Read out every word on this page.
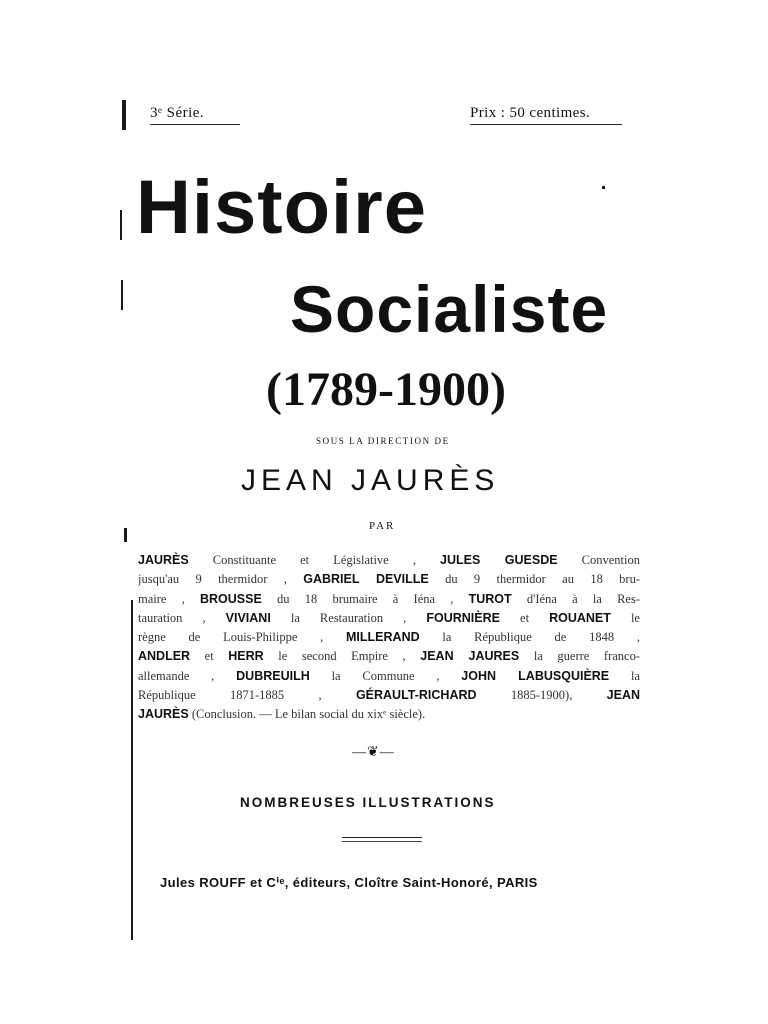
3ᵉ Série.	Prix : 50 centimes.
Histoire
Socialiste
(1789-1900)
SOUS LA DIRECTION DE
JEAN JAURÈS
PAR
JAURÈS Constituante et Législative , JULES GUESDE Convention
jusqu'au 9 thermidor , GABRIEL DEVILLE du 9 thermidor au 18 bru-
maire , BROUSSE du 18 brumaire à Iéna , TUROT d'Iéna à la Res-
tauration , VIVIANI la Restauration , FOURNIÈRE et ROUANET le
règne de Louis-Philippe , MILLERAND la République de 1848 ,
ANDLER et HERR le second Empire , JEAN JAURES la guerre franco-
allemande , DUBREUILH la Commune , JOHN LABUSQUIÈRE la
République 1871-1885 , GÉRAULT-RICHARD 1885-1900), JEAN
JAURÈS (Conclusion. — Le bilan social du xixᵉ siècle).
—❦—
NOMBREUSES ILLUSTRATIONS
Jules ROUFF et Cⁱᵉ, éditeurs, Cloître Saint-Honoré, PARIS
